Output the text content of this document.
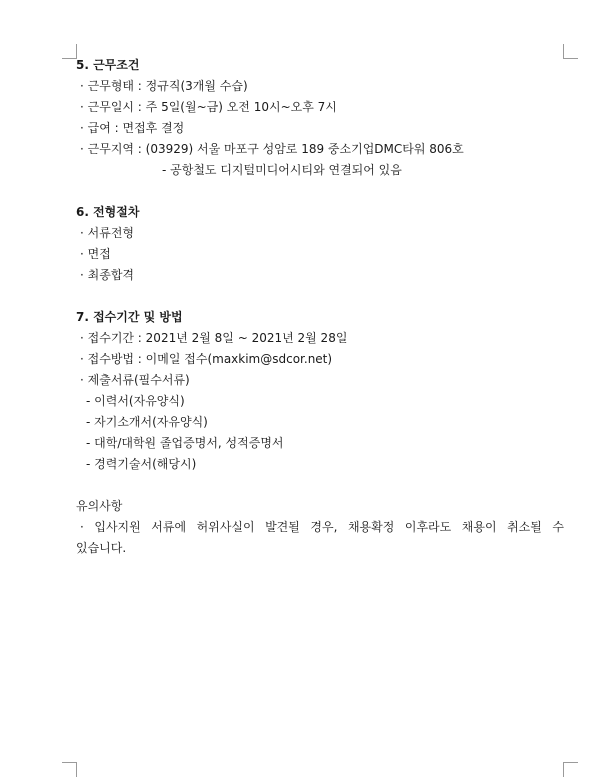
5. 근무조건
· 근무형태 : 정규직(3개월 수습)
· 근무일시 : 주 5일(월~금) 오전 10시~오후 7시
· 급여 : 면접후 결정
· 근무지역 : (03929) 서울 마포구 성암로 189 중소기업DMC타워 806호
- 공항철도 디지털미디어시티와 연결되어 있음
6. 전형절차
· 서류전형
· 면접
· 최종합격
7. 접수기간 및 방법
· 접수기간 : 2021년 2월 8일 ~ 2021년 2월 28일
· 접수방법 : 이메일 접수(maxkim@sdcor.net)
· 제출서류(필수서류)
- 이력서(자유양식)
- 자기소개서(자유양식)
- 대학/대학원 졸업증명서, 성적증명서
- 경력기술서(해당시)
유의사항
· 입사지원 서류에 허위사실이 발견될 경우, 채용확정 이후라도 채용이 취소될 수
있습니다.
